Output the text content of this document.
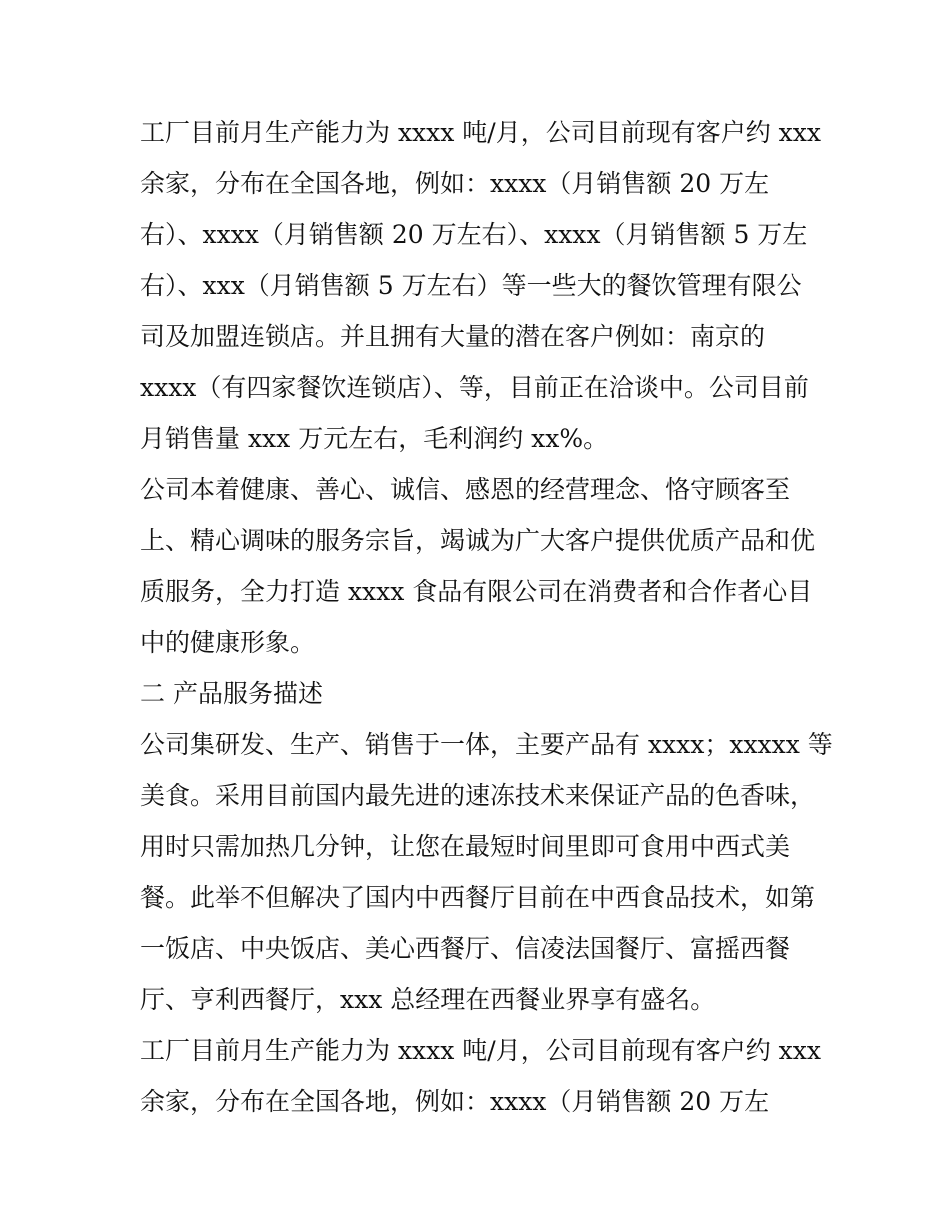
工厂目前月生产能力为 xxxx 吨/月，公司目前现有客户约 xxx
余家，分布在全国各地，例如：xxxx（月销售额 20 万左
右）、xxxx（月销售额 20 万左右）、xxxx（月销售额 5 万左
右）、xxx（月销售额 5 万左右）等一些大的餐饮管理有限公
司及加盟连锁店。并且拥有大量的潜在客户例如：南京的
xxxx（有四家餐饮连锁店）、等，目前正在洽谈中。公司目前
月销售量 xxx 万元左右，毛利润约 xx%。
公司本着健康、善心、诚信、感恩的经营理念、恪守顾客至
上、精心调味的服务宗旨，竭诚为广大客户提供优质产品和优
质服务，全力打造 xxxx 食品有限公司在消费者和合作者心目
中的健康形象。
二 产品服务描述
公司集研发、生产、销售于一体，主要产品有 xxxx；xxxxx 等
美食。采用目前国内最先进的速冻技术来保证产品的色香味，
用时只需加热几分钟，让您在最短时间里即可食用中西式美
餐。此举不但解决了国内中西餐厅目前在中西食品技术，如第
一饭店、中央饭店、美心西餐厅、信凌法国餐厅、富摇西餐
厅、亨利西餐厅，xxx 总经理在西餐业界享有盛名。
工厂目前月生产能力为 xxxx 吨/月，公司目前现有客户约 xxx
余家，分布在全国各地，例如：xxxx（月销售额 20 万左
